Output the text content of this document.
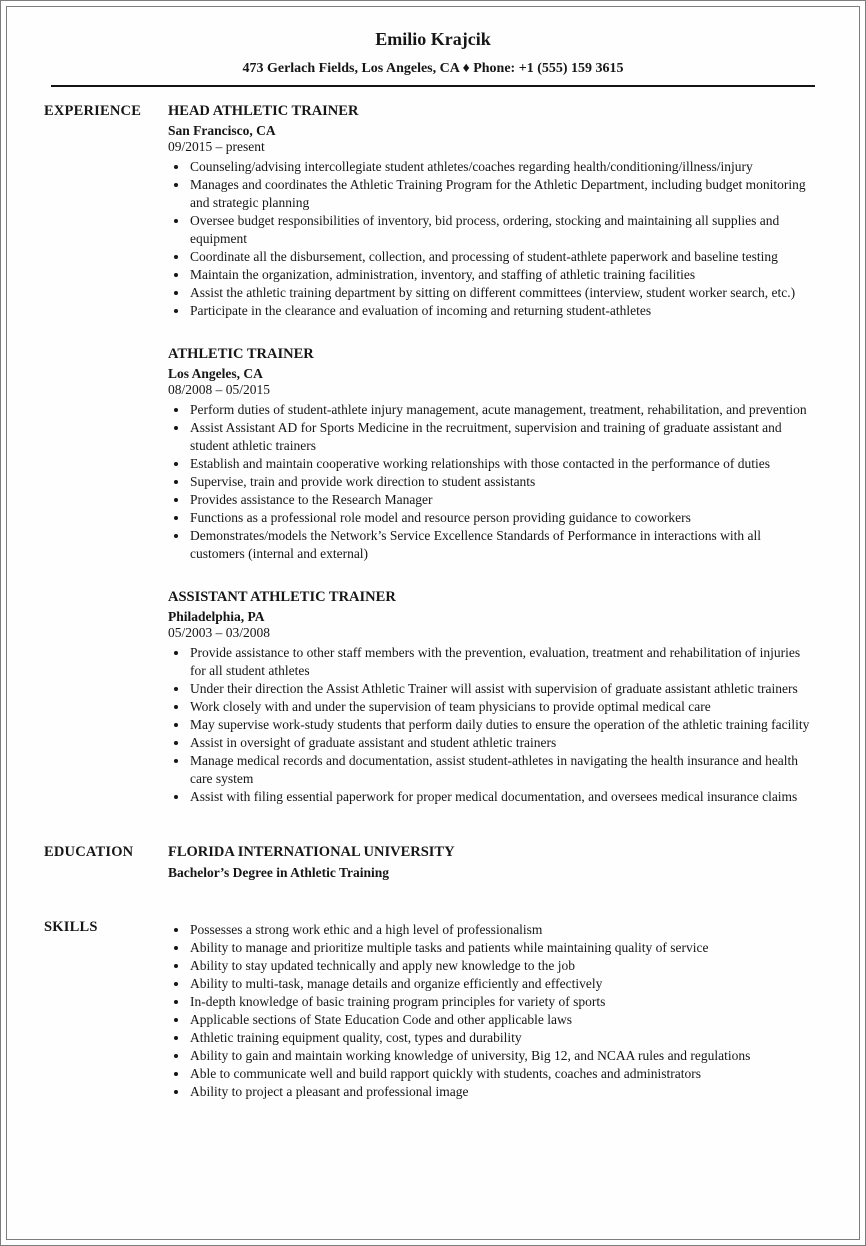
Emilio Krajcik
473 Gerlach Fields, Los Angeles, CA ♦ Phone: +1 (555) 159 3615
EXPERIENCE	HEAD ATHLETIC TRAINER
San Francisco, CA
09/2015 – present
• Counseling/advising intercollegiate student athletes/coaches regarding health/conditioning/illness/injury
• Manages and coordinates the Athletic Training Program for the Athletic Department, including budget monitoring and strategic planning
• Oversee budget responsibilities of inventory, bid process, ordering, stocking and maintaining all supplies and equipment
• Coordinate all the disbursement, collection, and processing of student-athlete paperwork and baseline testing
• Maintain the organization, administration, inventory, and staffing of athletic training facilities
• Assist the athletic training department by sitting on different committees (interview, student worker search, etc.)
• Participate in the clearance and evaluation of incoming and returning student-athletes
ATHLETIC TRAINER
Los Angeles, CA
08/2008 – 05/2015
• Perform duties of student-athlete injury management, acute management, treatment, rehabilitation, and prevention
• Assist Assistant AD for Sports Medicine in the recruitment, supervision and training of graduate assistant and student athletic trainers
• Establish and maintain cooperative working relationships with those contacted in the performance of duties
• Supervise, train and provide work direction to student assistants
• Provides assistance to the Research Manager
• Functions as a professional role model and resource person providing guidance to coworkers
• Demonstrates/models the Network’s Service Excellence Standards of Performance in interactions with all customers (internal and external)
ASSISTANT ATHLETIC TRAINER
Philadelphia, PA
05/2003 – 03/2008
• Provide assistance to other staff members with the prevention, evaluation, treatment and rehabilitation of injuries for all student athletes
• Under their direction the Assist Athletic Trainer will assist with supervision of graduate assistant athletic trainers
• Work closely with and under the supervision of team physicians to provide optimal medical care
• May supervise work-study students that perform daily duties to ensure the operation of the athletic training facility
• Assist in oversight of graduate assistant and student athletic trainers
• Manage medical records and documentation, assist student-athletes in navigating the health insurance and health care system
• Assist with filing essential paperwork for proper medical documentation, and oversees medical insurance claims
EDUCATION	FLORIDA INTERNATIONAL UNIVERSITY
Bachelor’s Degree in Athletic Training
SKILLS	• Possesses a strong work ethic and a high level of professionalism
• Ability to manage and prioritize multiple tasks and patients while maintaining quality of service
• Ability to stay updated technically and apply new knowledge to the job
• Ability to multi-task, manage details and organize efficiently and effectively
• In-depth knowledge of basic training program principles for variety of sports
• Applicable sections of State Education Code and other applicable laws
• Athletic training equipment quality, cost, types and durability
• Ability to gain and maintain working knowledge of university, Big 12, and NCAA rules and regulations
• Able to communicate well and build rapport quickly with students, coaches and administrators
• Ability to project a pleasant and professional image
